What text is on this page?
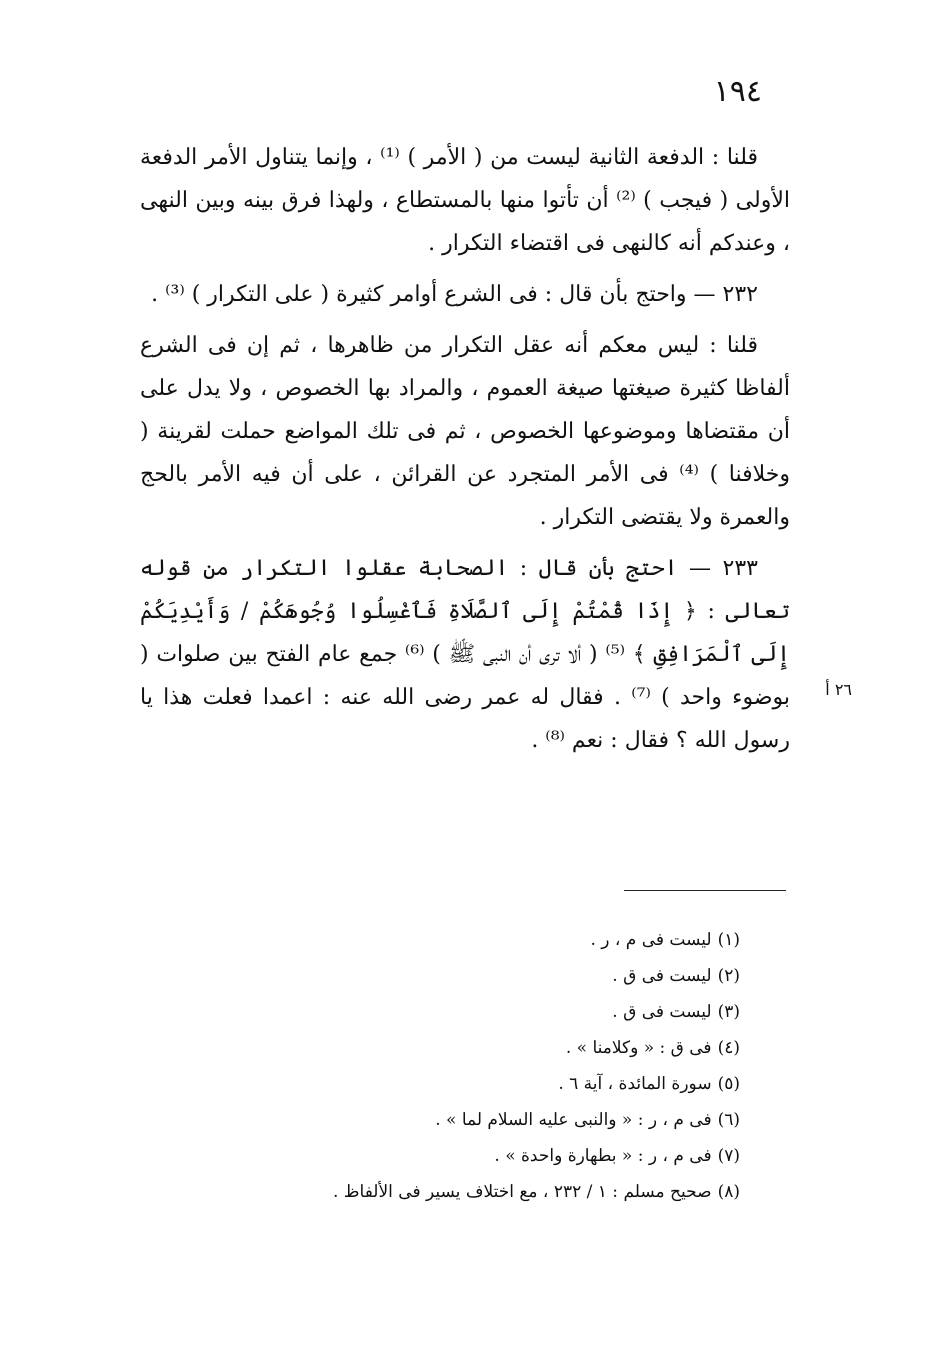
١٩٤
٢٦ أ

قلنا : الدفعة الثانية ليست من ( الأمر ) ⁽¹⁾ ، وإنما يتناول الأمر الدفعة الأولى ( فيجب ) ⁽²⁾ أن تأتوا منها بالمستطاع ، ولهذا فرق بينه وبين النهى ، وعندكم أنه كالنهى فى اقتضاء التكرار .

٢٣٢ — واحتج بأن قال : فى الشرع أوامر كثيرة ( على التكرار ) ⁽³⁾ .

قلنا : ليس معكم أنه عقل التكرار من ظاهرها ، ثم إن فى الشرع ألفاظا كثيرة صيغتها صيغة العموم ، والمراد بها الخصوص ، ولا يدل على أن مقتضاها وموضوعها الخصوص ، ثم فى تلك المواضع حملت لقرينة ( وخلافنا ) ⁽⁴⁾ فى الأمر المتجرد عن القرائن ، على أن فيه الأمر بالحج والعمرة ولا يقتضى التكرار .

٢٣٣ — احتج بأن قال : الصحابة عقلوا التكرار من قوله تعالى : ﴿ إِذَا قُمْتُمْ إِلَى ٱلصَّلَاةِ فَٱغْسِلُوا وُجُوهَكُمْ / وَأَيْدِيَكُمْ إِلَى ٱلْمَرَافِقِ ﴾ ⁽⁵⁾ ( ألا ترى أن النبى ﷺ ) ⁽⁶⁾ جمع عام الفتح بين صلوات ( بوضوء واحد ) ⁽⁷⁾ . فقال له عمر رضى الله عنه : اعمدا فعلت هذا يا رسول الله ؟ فقال : نعم ⁽⁸⁾ .

(١)ليست فى م ، ر .
(٢)ليست فى ق .
(٣)ليست فى ق .
(٤)فى ق : « وكلامنا » .
(٥)سورة المائدة ، آية ٦ .
(٦)فى م ، ر : « والنبى عليه السلام لما » .
(٧)فى م ، ر : « بطهارة واحدة » .
(٨)صحيح مسلم : ١ / ٢٣٢ ، مع اختلاف يسير فى الألفاظ .
